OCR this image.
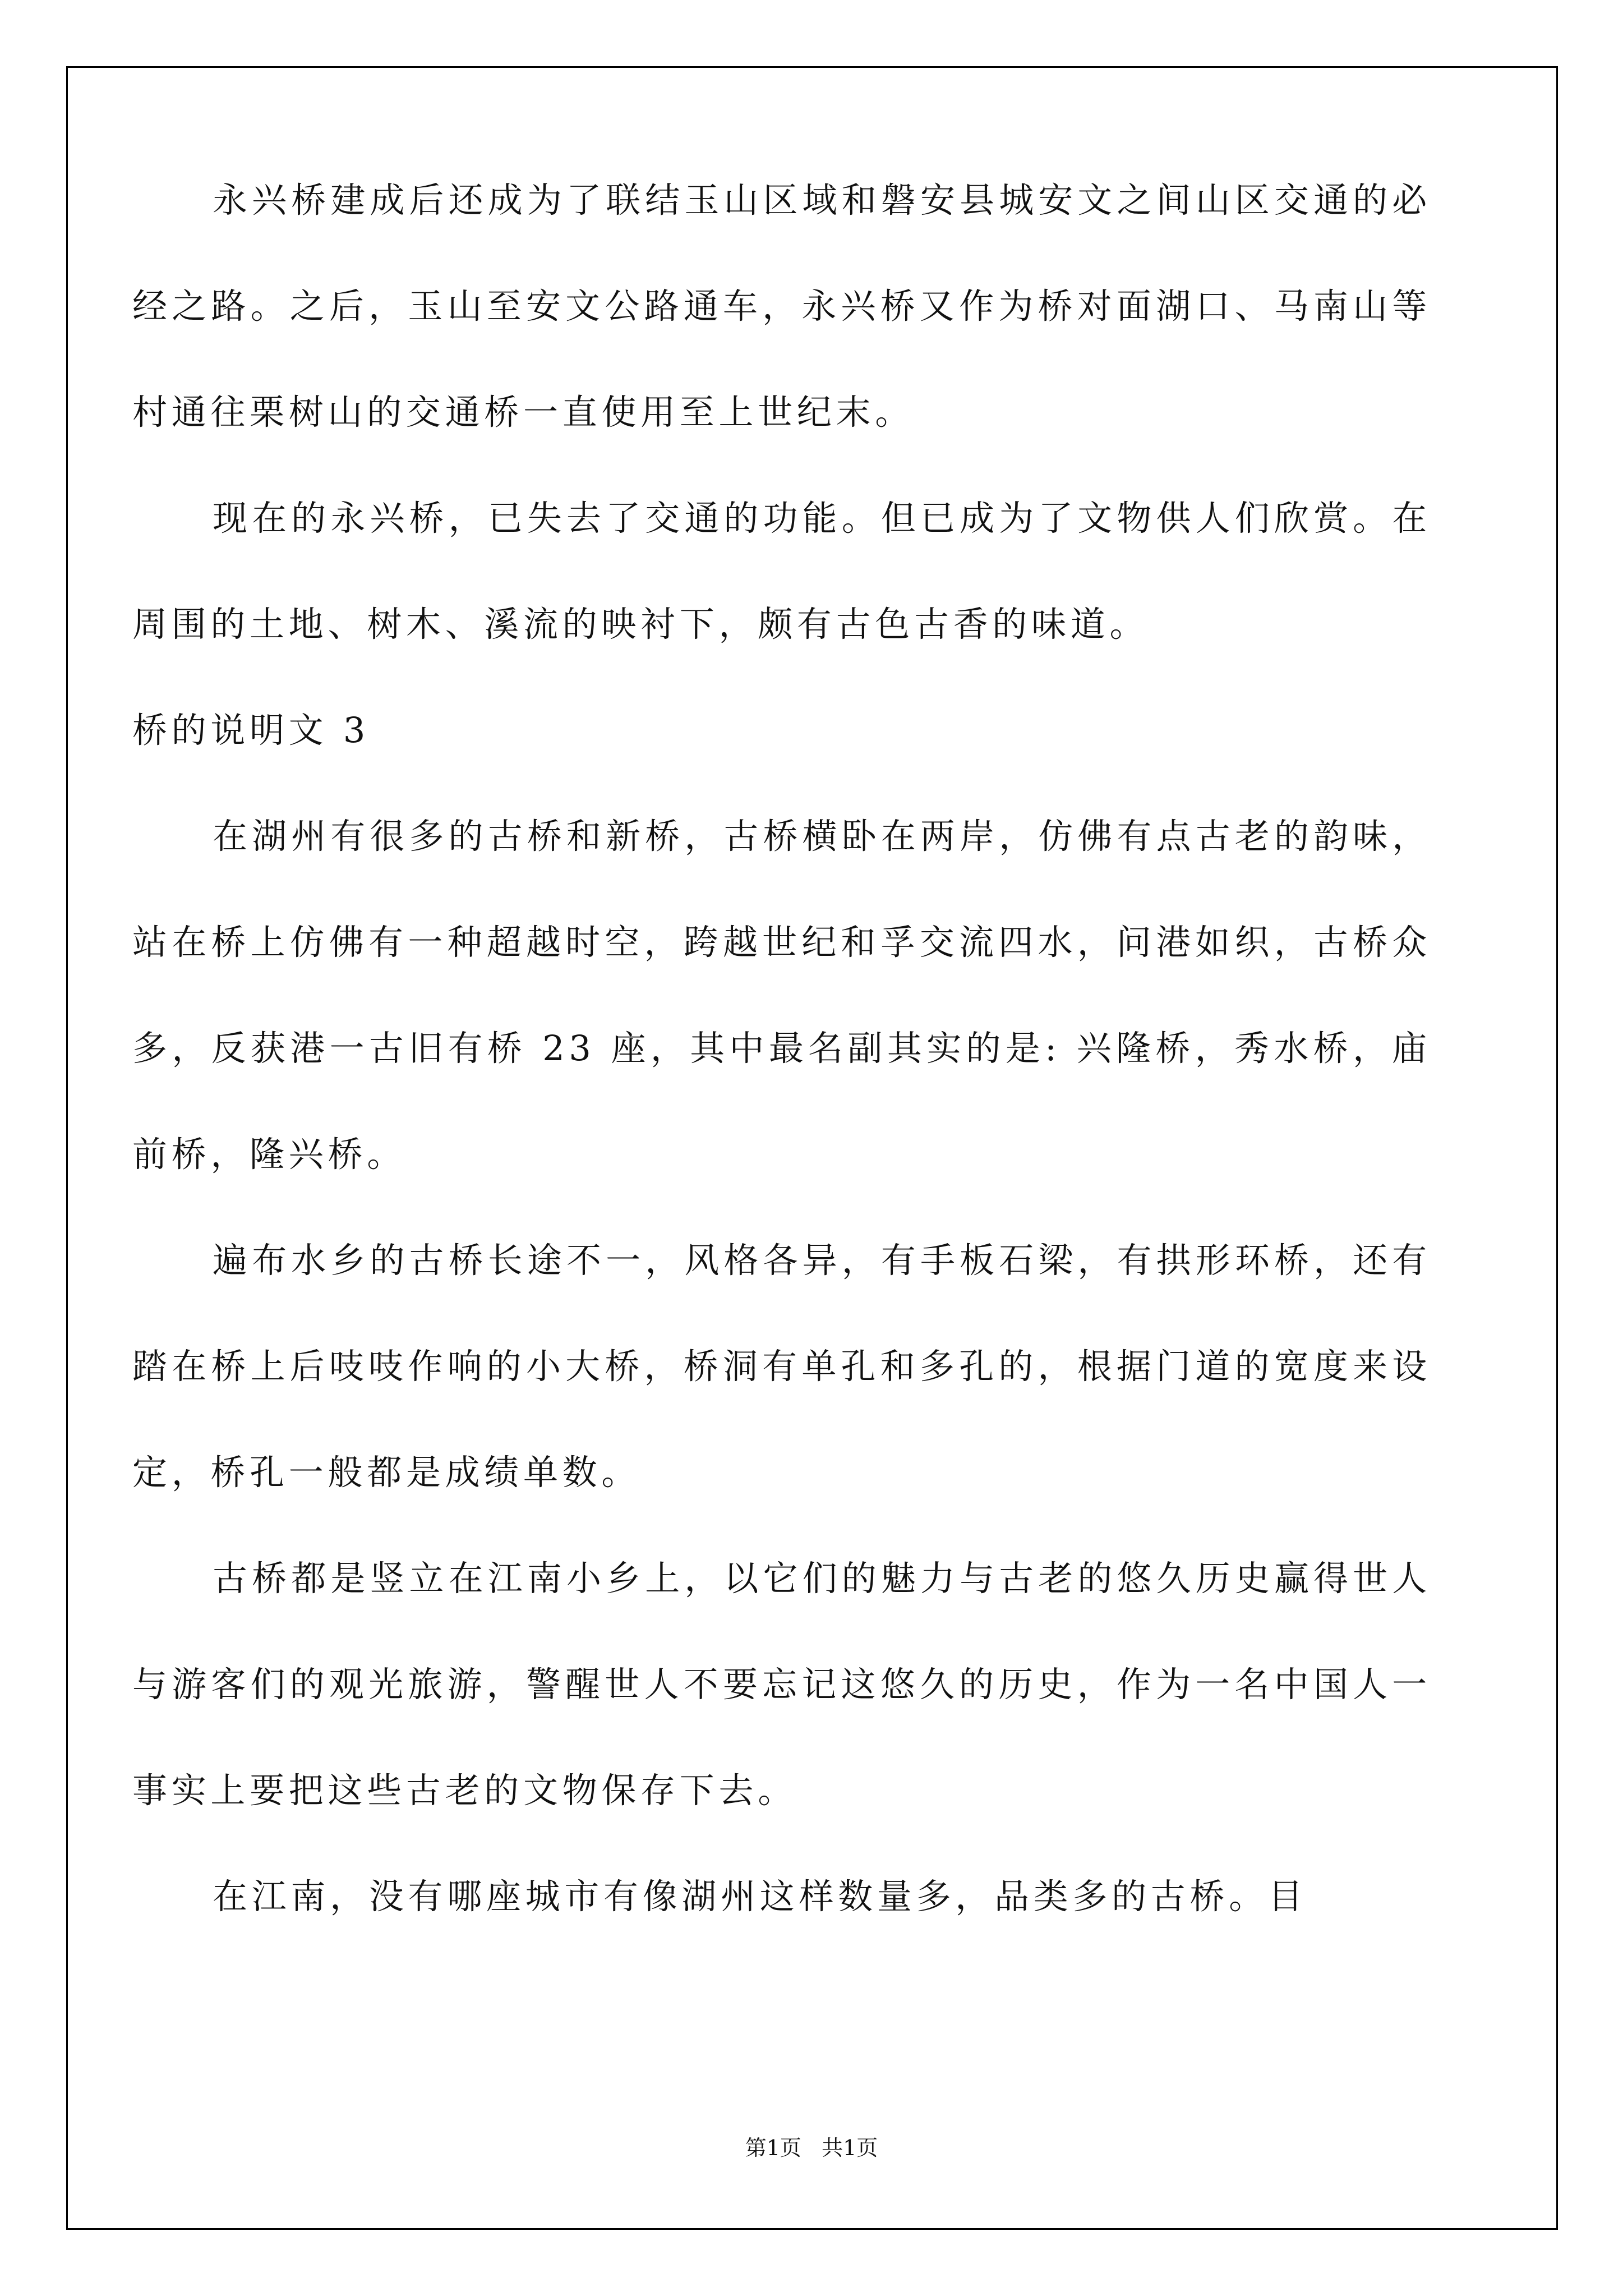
永兴桥建成后还成为了联结玉山区域和磐安县城安文之间山区交通的必经之路。之后，玉山至安文公路通车，永兴桥又作为桥对面湖口、马南山等村通往栗树山的交通桥一直使用至上世纪末。

现在的永兴桥，已失去了交通的功能。但已成为了文物供人们欣赏。在周围的土地、树木、溪流的映衬下，颇有古色古香的味道。

桥的说明文 3

在湖州有很多的古桥和新桥，古桥横卧在两岸，仿佛有点古老的韵味，站在桥上仿佛有一种超越时空，跨越世纪和孚交流四水，问港如织，古桥众多，反获港一古旧有桥 23 座，其中最名副其实的是: 兴隆桥，秀水桥，庙前桥，隆兴桥。

遍布水乡的古桥长途不一，风格各异，有手板石梁，有拱形环桥，还有踏在桥上后吱吱作响的小大桥，桥洞有单孔和多孔的，根据门道的宽度来设定，桥孔一般都是成绩单数。

古桥都是竖立在江南小乡上，以它们的魅力与古老的悠久历史赢得世人与游客们的观光旅游，警醒世人不要忘记这悠久的历史，作为一名中国人一事实上要把这些古老的文物保存下去。

在江南，没有哪座城市有像湖州这样数量多，品类多的古桥。目

第1页   共1页
